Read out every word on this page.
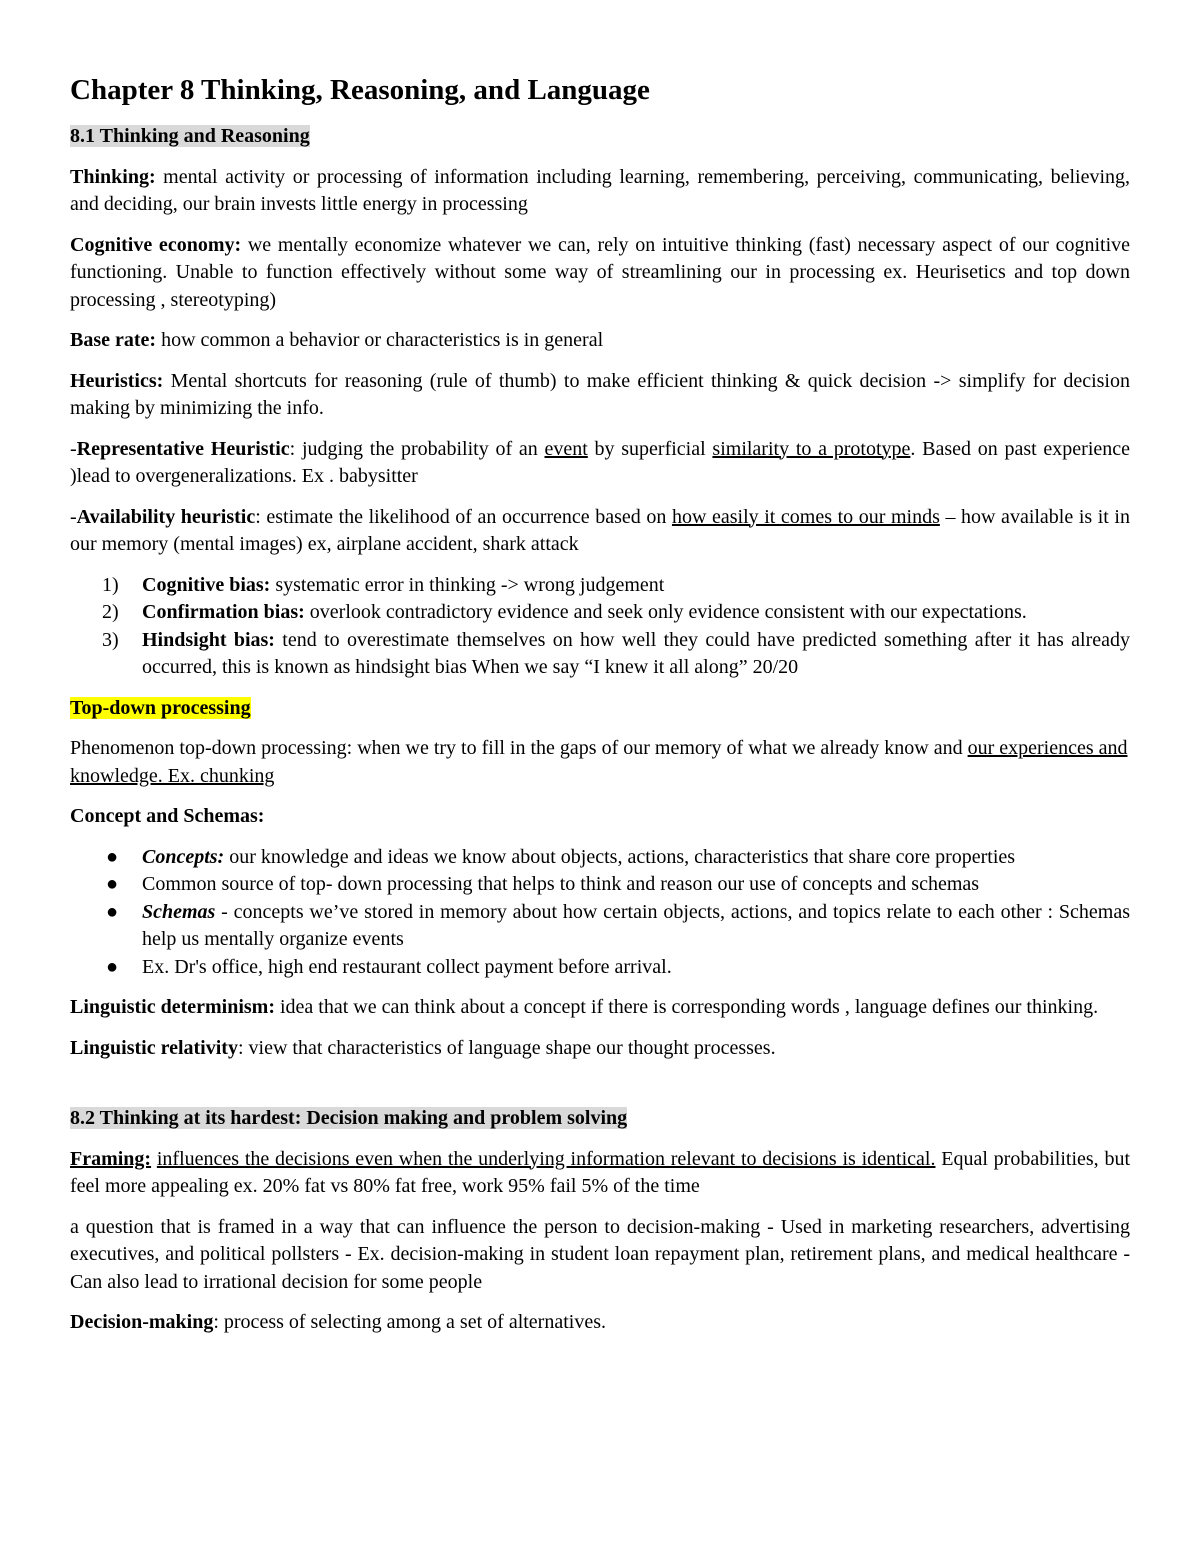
Chapter 8 Thinking, Reasoning, and Language

8.1 Thinking and Reasoning

Thinking: mental activity or processing of information including learning, remembering, perceiving, communicating, believing, and deciding, our brain invests little energy in processing

Cognitive economy: we mentally economize whatever we can, rely on intuitive thinking (fast) necessary aspect of our cognitive functioning. Unable to function effectively without some way of streamlining our in processing ex. Heurisetics and top down processing , stereotyping)

Base rate: how common a behavior or characteristics is in general

Heuristics: Mental shortcuts for reasoning (rule of thumb) to make efficient thinking & quick decision -> simplify for decision making by minimizing the info.

-Representative Heuristic: judging the probability of an event by superficial similarity to a prototype. Based on past experience )lead to overgeneralizations. Ex . babysitter

-Availability heuristic: estimate the likelihood of an occurrence based on how easily it comes to our minds – how available is it in our memory (mental images) ex, airplane accident, shark attack

1) Cognitive bias: systematic error in thinking -> wrong judgement
2) Confirmation bias: overlook contradictory evidence and seek only evidence consistent with our expectations.
3) Hindsight bias: tend to overestimate themselves on how well they could have predicted something after it has already occurred, this is known as hindsight bias When we say “I knew it all along” 20/20

Top-down processing

Phenomenon top-down processing: when we try to fill in the gaps of our memory of what we already know and our experiences and knowledge. Ex. chunking

Concept and Schemas:

● Concepts: our knowledge and ideas we know about objects, actions, characteristics that share core properties
● Common source of top- down processing that helps to think and reason our use of concepts and schemas
● Schemas - concepts we’ve stored in memory about how certain objects, actions, and topics relate to each other : Schemas help us mentally organize events
● Ex. Dr's office, high end restaurant collect payment before arrival.

Linguistic determinism: idea that we can think about a concept if there is corresponding words , language defines our thinking.

Linguistic relativity: view that characteristics of language shape our thought processes.

8.2 Thinking at its hardest: Decision making and problem solving

Framing: influences the decisions even when the underlying information relevant to decisions is identical. Equal probabilities, but feel more appealing ex. 20% fat vs 80% fat free, work 95% fail 5% of the time

a question that is framed in a way that can influence the person to decision-making - Used in marketing researchers, advertising executives, and political pollsters - Ex. decision-making in student loan repayment plan, retirement plans, and medical healthcare - Can also lead to irrational decision for some people

Decision-making: process of selecting among a set of alternatives.
